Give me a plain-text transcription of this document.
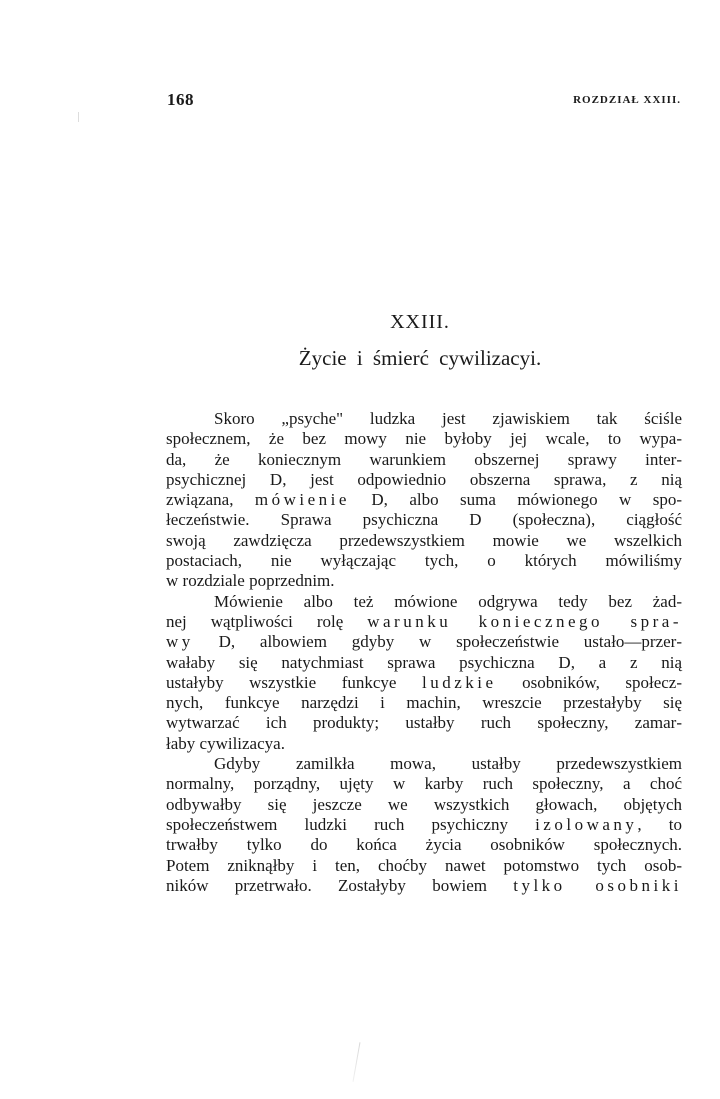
168	ROZDZIAŁ XXIII.
XXIII.
Życie i śmierć cywilizacyi.
Skoro „psyche" ludzka jest zjawiskiem tak ściśle
społecznem, że bez mowy nie byłoby jej wcale, to wypa‑
da, że koniecznym warunkiem obszernej sprawy inter‑
psychicznej D, jest odpowiednio obszerna sprawa, z nią
związana, mówienie D, albo suma mówionego w spo‑
łeczeństwie. Sprawa psychiczna D (społeczna), ciągłość
swoją zawdzięcza przedewszystkiem mowie we wszelkich
postaciach, nie wyłączając tych, o których mówiliśmy
w rozdziale poprzednim.
Mówienie albo też mówione odgrywa tedy bez żad‑
nej wątpliwości rolę warunku koniecznego spra‑
wy D, albowiem gdyby w społeczeństwie ustało—przer‑
wałaby się natychmiast sprawa psychiczna D, a z nią
ustałyby wszystkie funkcye ludzkie osobników, społecz‑
nych, funkcye narzędzi i machin, wreszcie przestałyby się
wytwarzać ich produkty; ustałby ruch społeczny, zamar‑
łaby cywilizacya.
Gdyby zamilkła mowa, ustałby przedewszystkiem
normalny, porządny, ujęty w karby ruch społeczny, a choć
odbywałby się jeszcze we wszystkich głowach, objętych
społeczeństwem ludzki ruch psychiczny izolowany, to
trwałby tylko do końca życia osobników społecznych.
Potem zniknąłby i ten, choćby nawet potomstwo tych osob‑
ników przetrwało. Zostałyby bowiem tylko osobniki
